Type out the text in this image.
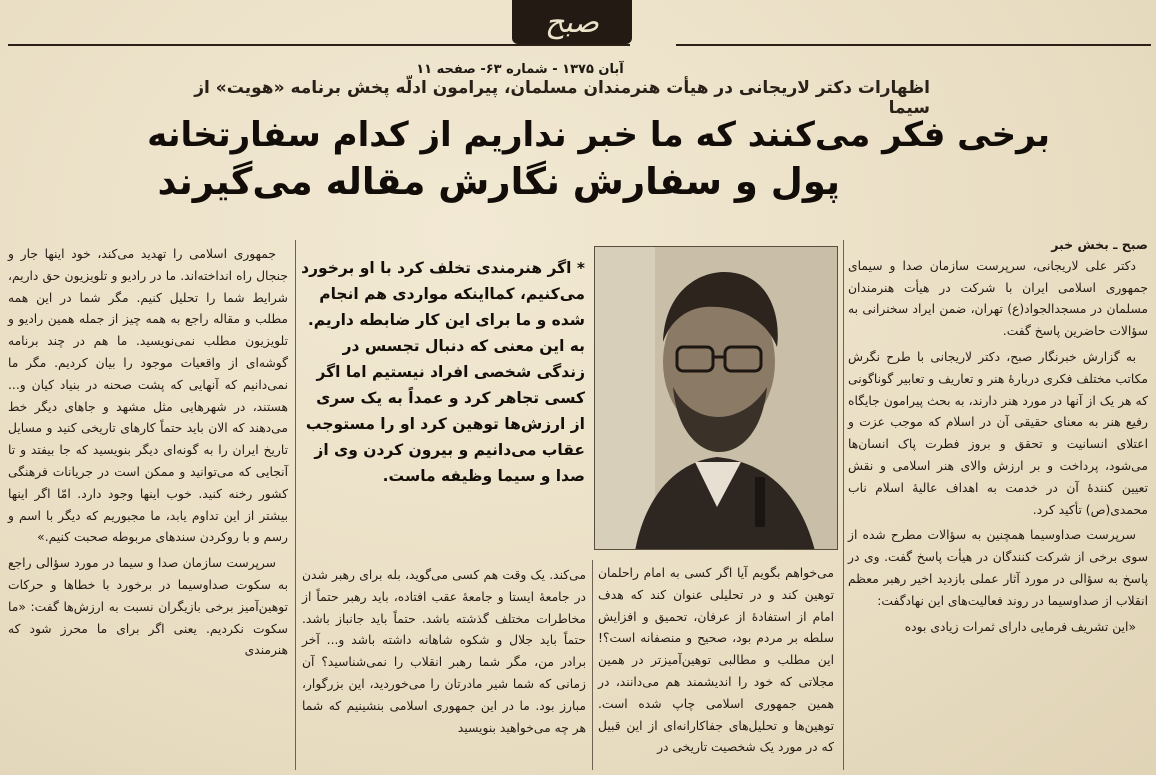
صبح
آبان ۱۳۷۵ - شماره ۶۳- صفحه ۱۱
اظهارات دکتر لاریجانی در هیأت هنرمندان مسلمان، پیرامون ادلّه پخش برنامه «هویت» از سیما
برخی فکر می‌کنند که ما خبر نداریم از کدام سفارتخانه
پول و سفارش نگارش مقاله می‌گیرند
صبح ـ بخش خبر
دکتر علی لاریجانی، سرپرست سازمان صدا و سیمای جمهوری اسلامی ایران با شرکت در هیأت هنرمندان مسلمان در مسجدالجواد(ع) تهران، ضمن ایراد سخنرانی به سؤالات حاضرین پاسخ گفت.
به گزارش خبرنگار صبح، دکتر لاریجانی با طرح نگرش مکاتب مختلف فکری دربارهٔ هنر و تعاریف و تعابیر گوناگونی که هر یک از آنها در مورد هنر دارند، به بحث پیرامون جایگاه رفیع هنر به معنای حقیقی آن در اسلام که موجب عزت و اعتلای انسانیت و تحقق و بروز فطرت پاک انسان‌ها می‌شود، پرداخت و بر ارزش والای هنر اسلامی و نقش تعیین کنندهٔ آن در خدمت به اهداف عالیهٔ اسلام ناب محمدی(ص) تأکید کرد.
سرپرست صداوسیما همچنین به سؤالات مطرح شده از سوی برخی از شرکت کنندگان در هیأت پاسخ گفت. وی در پاسخ به سؤالی در مورد آثار عملی بازدید اخیر رهبر معظم انقلاب از صداوسیما در روند فعالیت‌های این نهادگفت:
«این تشریف فرمایی دارای ثمرات زیادی بوده
می‌خواهم بگویم آیا اگر کسی به امام راحلمان توهین کند و در تحلیلی عنوان کند که هدف امام از استفادهٔ از عرفان، تحمیق و افزایش سلطه بر مردم بود، صحیح و منصفانه است؟! این مطلب و مطالبی توهین‌آمیزتر در همین مجلاتی که خود را اندیشمند هم می‌دانند، در همین جمهوری اسلامی چاپ شده است. توهین‌ها و تحلیل‌های جفاکارانه‌ای از این قبیل که در مورد یک شخصیت تاریخی در
* اگر هنرمندی تخلف کرد با او برخورد می‌کنیم، کمااینکه مواردی هم انجام شده و ما برای این کار ضابطه داریم. به این معنی که دنبال تجسس در زندگی شخصی افراد نیستیم اما اگر کسی تجاهر کرد و عمداً به یک سری از ارزش‌ها توهین کرد او را مستوجب عقاب می‌دانیم و بیرون کردن وی از صدا و سیما وظیفه ماست.
می‌کند. یک وقت هم کسی می‌گوید، بله برای رهبر شدن در جامعهٔ ایستا و جامعهٔ عقب افتاده، باید رهبر حتماً از مخاطرات مختلف گذشته باشد. حتماً باید جانباز باشد. حتماً باید جلال و شکوه شاهانه داشته باشد و... آخر برادر من، مگر شما رهبر انقلاب را نمی‌شناسید؟ آن زمانی که شما شیر مادرتان را می‌خوردید، این بزرگوار، مبارز بود. ما در این جمهوری اسلامی بنشینیم که شما هر چه می‌خواهید بنویسید
جمهوری اسلامی را تهدید می‌کند، خود اینها جار و جنجال راه انداخته‌اند. ما در رادیو و تلویزیون حق داریم، شرایط شما را تحلیل کنیم. مگر شما در این همه مطلب و مقاله راجع به همه چیز از جمله همین رادیو و تلویزیون مطلب نمی‌نویسید. ما هم در چند برنامه گوشه‌ای از واقعیات موجود را بیان کردیم. مگر ما نمی‌دانیم که آنهایی که پشت صحنه در بنیاد کیان و... هستند، در شهرهایی مثل مشهد و جاهای دیگر خط می‌دهند که الان باید حتماً کارهای تاریخی کنید و مسایل تاریخ ایران را به گونه‌ای دیگر بنویسید که جا بیفتد و تا آنجایی که می‌توانید و ممکن است در جریانات فرهنگی کشور رخنه کنید. خوب اینها وجود دارد. امّا اگر اینها بیشتر از این تداوم یابد، ما مجبوریم که دیگر با اسم و رسم و با روکردن سندهای مربوطه صحبت کنیم.»
سرپرست سازمان صدا و سیما در مورد سؤالی راجع به سکوت صداوسیما در برخورد با خطاها و حرکات توهین‌آمیز برخی بازیگران نسبت به ارزش‌ها گفت: «ما سکوت نکردیم. یعنی اگر برای ما محرز شود که هنرمندی
